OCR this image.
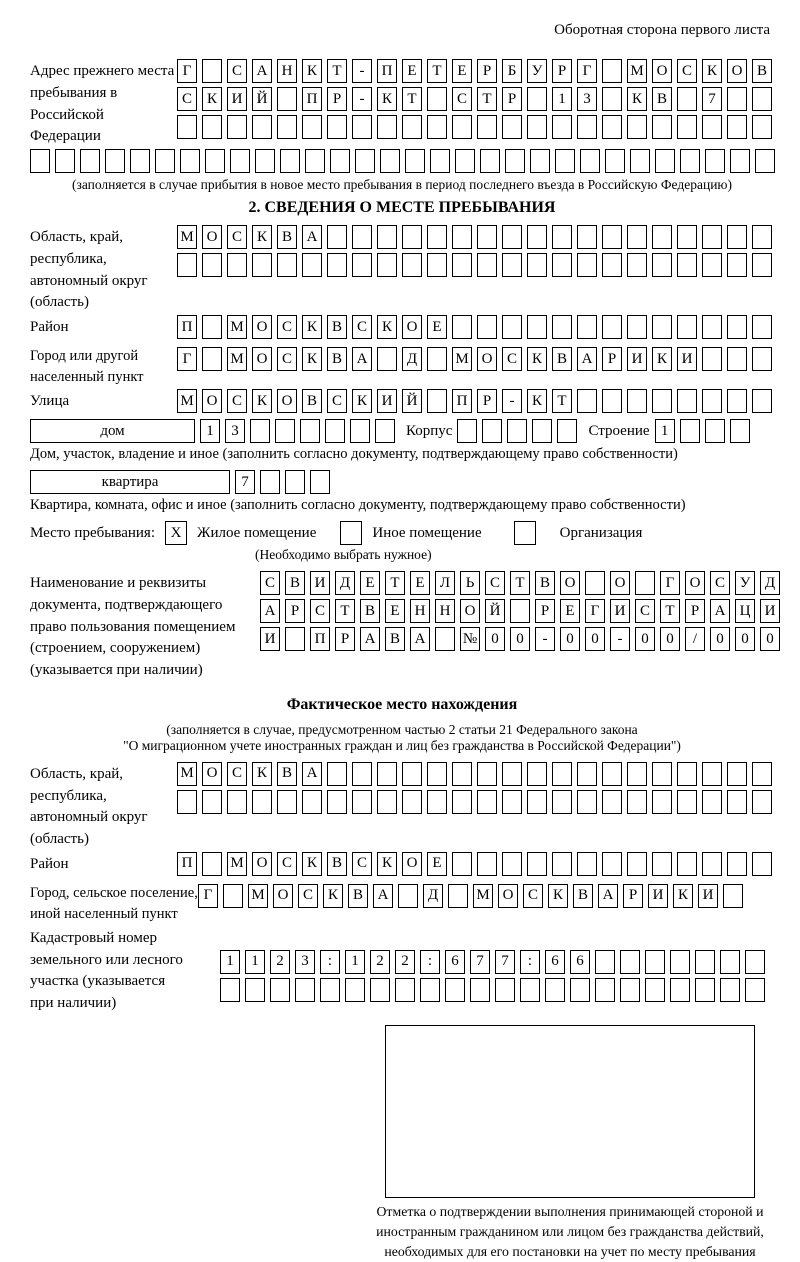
Оборотная сторона первого листа
Адрес прежнего места пребывания в Российской Федерации
Г	С А Н К	Т	-	П Е	Т	Е	Р	Б	У	Р	Г	М О С К О В
С К И Й	П	Р	-	К	Т	С	Т	Р	1	3	К В	7
(заполняется в случае прибытия в новое место пребывания в период последнего въезда в Российскую Федерацию)
2. СВЕДЕНИЯ О МЕСТЕ ПРЕБЫВАНИЯ
Область, край, республика, автономный округ (область)
М О С К В А
Район	П	М О С К В С К О Е
Город или другой населенный пункт
Г	М О С К В А	Д	М О С К В А	Р	И К И
Улица	М О С К О В С К И Й	П	Р	-	К	Т
дом	1	3	Корпус	Строение 1
Дом, участок, владение и иное (заполнить согласно документу, подтверждающему право собственности)
квартира	7
Квартира, комната, офис и иное (заполнить согласно документу, подтверждающему право собственности)
Место пребывания:	X	Жилое помещение	Иное помещение	Организация
(Необходимо выбрать нужное)
Наименование и реквизиты документа, подтверждающего право пользования помещением (строением, сооружением) (указывается при наличии)
С В И Д	Е	Т	Е	Л	Ь	С	Т	В О	О	Г	О С У Д
А	Р	С	Т	В	Е	Н Н О Й	Р	Е	Г	И С	Т	Р	А Ц И
И	П	Р	А В А	№ 0	0	-	0	0	-	0	0	/	0	0	0
Фактическое место нахождения
(заполняется в случае, предусмотренном частью 2 статьи 21 Федерального закона
"О миграционном учете иностранных граждан и лиц без гражданства в Российской Федерации")
Область, край, республика, автономный округ (область)
М О С К В А
Район	П	М О С К В С К О Е
Город, сельское поселение, иной населенный пункт
Г	М О С К В А	Д	М О С К В А	Р	И К И
Кадастровый номер земельного или лесного участка (указывается при наличии)
1	1	2	3	:	1	2	2	:	6	7	7	:	6	6
Отметка о подтверждении выполнения принимающей стороной и иностранным гражданином или лицом без гражданства действий, необходимых для его постановки на учет по месту пребывания
